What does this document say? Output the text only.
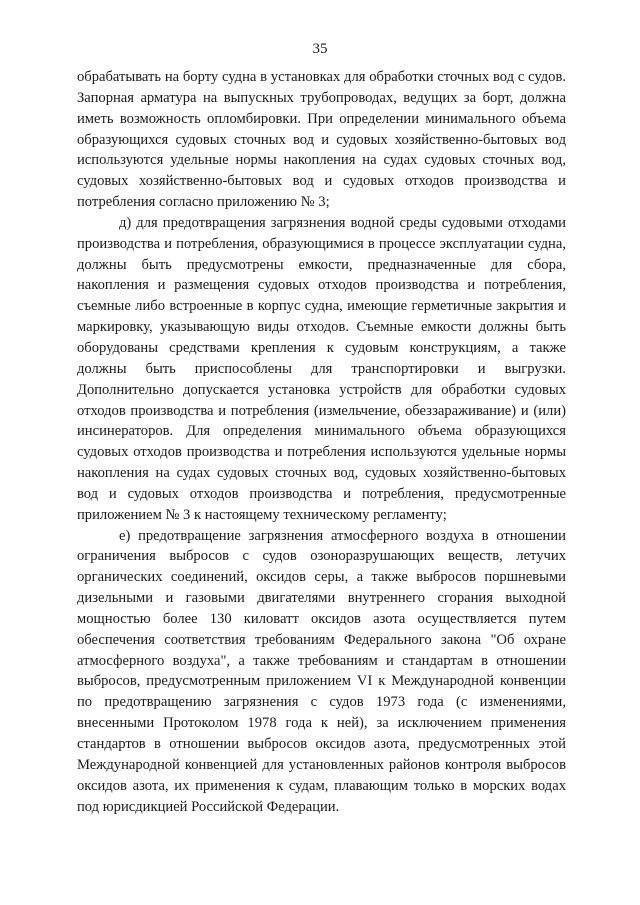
35

обрабатывать на борту судна в установках для обработки сточных вод с судов. Запорная арматура на выпускных трубопроводах, ведущих за борт, должна иметь возможность опломбировки. При определении минимального объема образующихся судовых сточных вод и судовых хозяйственно-бытовых вод используются удельные нормы накопления на судах судовых сточных вод, судовых хозяйственно-бытовых вод и судовых отходов производства и потребления согласно приложению № 3;

д) для предотвращения загрязнения водной среды судовыми отходами производства и потребления, образующимися в процессе эксплуатации судна, должны быть предусмотрены емкости, предназначенные для сбора, накопления и размещения судовых отходов производства и потребления, съемные либо встроенные в корпус судна, имеющие герметичные закрытия и маркировку, указывающую виды отходов. Съемные емкости должны быть оборудованы средствами крепления к судовым конструкциям, а также должны быть приспособлены для транспортировки и выгрузки. Дополнительно допускается установка устройств для обработки судовых отходов производства и потребления (измельчение, обеззараживание) и (или) инсинераторов. Для определения минимального объема образующихся судовых отходов производства и потребления используются удельные нормы накопления на судах судовых сточных вод, судовых хозяйственно-бытовых вод и судовых отходов производства и потребления, предусмотренные приложением № 3 к настоящему техническому регламенту;

е) предотвращение загрязнения атмосферного воздуха в отношении ограничения выбросов с судов озоноразрушающих веществ, летучих органических соединений, оксидов серы, а также выбросов поршневыми дизельными и газовыми двигателями внутреннего сгорания выходной мощностью более 130 киловатт оксидов азота осуществляется путем обеспечения соответствия требованиям Федерального закона "Об охране атмосферного воздуха", а также требованиям и стандартам в отношении выбросов, предусмотренным приложением VI к Международной конвенции по предотвращению загрязнения с судов 1973 года (с изменениями, внесенными Протоколом 1978 года к ней), за исключением применения стандартов в отношении выбросов оксидов азота, предусмотренных этой Международной конвенцией для установленных районов контроля выбросов оксидов азота, их применения к судам, плавающим только в морских водах под юрисдикцией Российской Федерации.
